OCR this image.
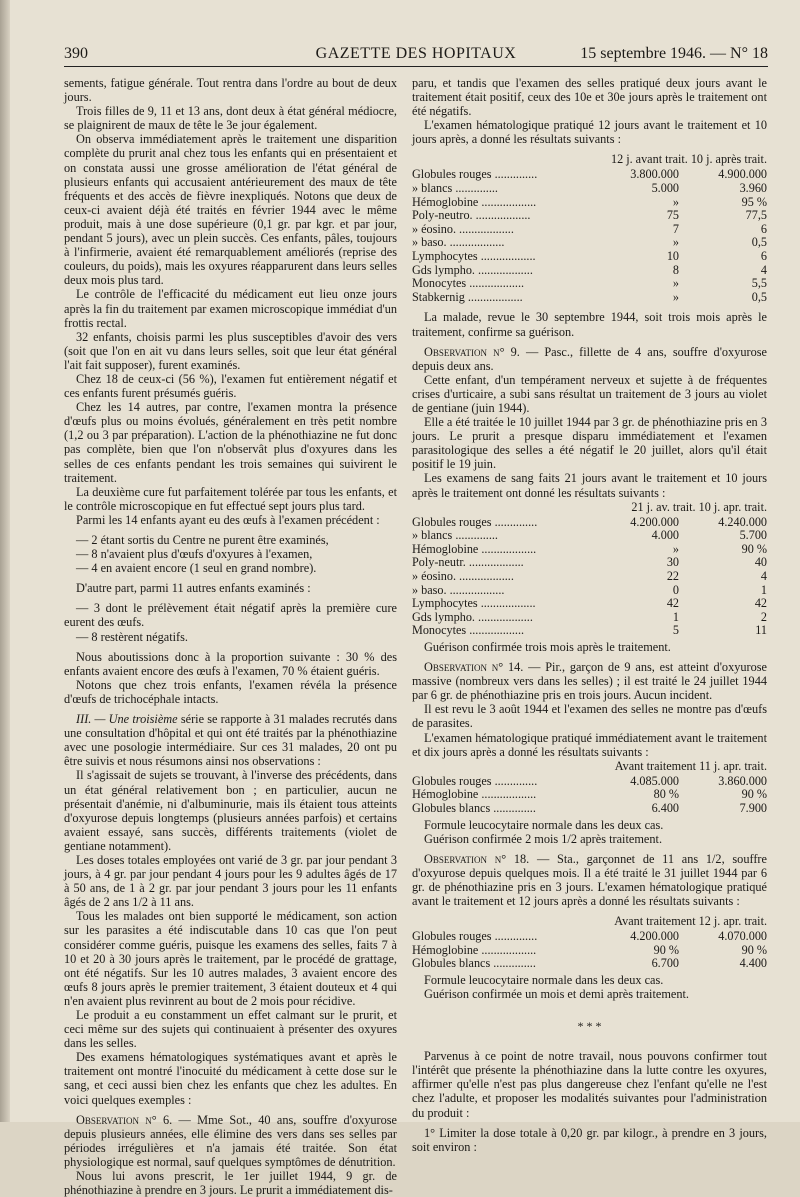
390	GAZETTE DES HOPITAUX	15 septembre 1946. — N° 18

sements, fatigue générale. Tout rentra dans l'ordre au bout de deux jours.

Trois filles de 9, 11 et 13 ans, dont deux à état général médiocre, se plaignirent de maux de tête le 3e jour également.

On observa immédiatement après le traitement une disparition complète du prurit anal chez tous les enfants qui en présentaient et on constata aussi une grosse amélioration de l'état général de plusieurs enfants qui accusaient antérieurement des maux de tête fréquents et des accès de fièvre inexpliqués. Notons que deux de ceux-ci avaient déjà été traités en février 1944 avec le même produit, mais à une dose supérieure (0,1 gr. par kgr. et par jour, pendant 5 jours), avec un plein succès. Ces enfants, pâles, toujours à l'infirmerie, avaient été remarquablement améliorés (reprise des couleurs, du poids), mais les oxyures réapparurent dans leurs selles deux mois plus tard.

Le contrôle de l'efficacité du médicament eut lieu onze jours après la fin du traitement par examen microscopique immédiat d'un frottis rectal.

32 enfants, choisis parmi les plus susceptibles d'avoir des vers (soit que l'on en ait vu dans leurs selles, soit que leur état général l'ait fait supposer), furent examinés.

Chez 18 de ceux-ci (56 %), l'examen fut entièrement négatif et ces enfants furent présumés guéris.

Chez les 14 autres, par contre, l'examen montra la présence d'œufs plus ou moins évolués, généralement en très petit nombre (1,2 ou 3 par préparation). L'action de la phénothiazine ne fut donc pas complète, bien que l'on n'observât plus d'oxyures dans les selles de ces enfants pendant les trois semaines qui suivirent le traitement.

La deuxième cure fut parfaitement tolérée par tous les enfants, et le contrôle microscopique en fut effectué sept jours plus tard.

Parmi les 14 enfants ayant eu des œufs à l'examen précédent :

— 2 étant sortis du Centre ne purent être examinés,

— 8 n'avaient plus d'œufs d'oxyures à l'examen,

— 4 en avaient encore (1 seul en grand nombre).

D'autre part, parmi 11 autres enfants examinés :

— 3 dont le prélèvement était négatif après la première cure eurent des œufs.

— 8 restèrent négatifs.

Nous aboutissions donc à la proportion suivante : 30 % des enfants avaient encore des œufs à l'examen, 70 % étaient guéris.

Notons que chez trois enfants, l'examen révéla la présence d'œufs de trichocéphale intacts.

III. — Une troisième série se rapporte à 31 malades recrutés dans une consultation d'hôpital et qui ont été traités par la phénothiazine avec une posologie intermédiaire. Sur ces 31 malades, 20 ont pu être suivis et nous résumons ainsi nos observations :

Il s'agissait de sujets se trouvant, à l'inverse des précédents, dans un état général relativement bon ; en particulier, aucun ne présentait d'anémie, ni d'albuminurie, mais ils étaient tous atteints d'oxyurose depuis longtemps (plusieurs années parfois) et certains avaient essayé, sans succès, différents traitements (violet de gentiane notamment).

Les doses totales employées ont varié de 3 gr. par jour pendant 3 jours, à 4 gr. par jour pendant 4 jours pour les 9 adultes âgés de 17 à 50 ans, de 1 à 2 gr. par jour pendant 3 jours pour les 11 enfants âgés de 2 ans 1/2 à 11 ans.

Tous les malades ont bien supporté le médicament, son action sur les parasites a été indiscutable dans 10 cas que l'on peut considérer comme guéris, puisque les examens des selles, faits 7 à 10 et 20 à 30 jours après le traitement, par le procédé de grattage, ont été négatifs. Sur les 10 autres malades, 3 avaient encore des œufs 8 jours après le premier traitement, 3 étaient douteux et 4 qui n'en avaient plus revinrent au bout de 2 mois pour récidive.

Le produit a eu constamment un effet calmant sur le prurit, et ceci même sur des sujets qui continuaient à présenter des oxyures dans les selles.

Des examens hématologiques systématiques avant et après le traitement ont montré l'inocuité du médicament à cette dose sur le sang, et ceci aussi bien chez les enfants que chez les adultes. En voici quelques exemples :

Observation n° 6. — Mme Sot., 40 ans, souffre d'oxyurose depuis plusieurs années, elle élimine des vers dans ses selles par périodes irrégulières et n'a jamais été traitée. Son état physiologique est normal, sauf quelques symptômes de dénutrition.

Nous lui avons prescrit, le 1er juillet 1944, 9 gr. de phénothiazine à prendre en 3 jours. Le prurit a immédiatement dis-

paru, et tandis que l'examen des selles pratiqué deux jours avant le traitement était positif, ceux des 10e et 30e jours après le traitement ont été négatifs.

L'examen hématologique pratiqué 12 jours avant le traitement et 10 jours après, a donné les résultats suivants :

12 j. avant trait. 10 j. après trait.
Globules rouges ..............	3.800.000	4.900.000
» blancs ..............	5.000	3.960
Hémoglobine ..................	»	95 %
Poly-neutro. ..................	75	77,5
» éosino. ..................	7	6
» baso. ..................	»	0,5
Lymphocytes ..................	10	6
Gds lympho. ..................	8	4
Monocytes ..................	»	5,5
Stabkernig ..................	»	0,5

La malade, revue le 30 septembre 1944, soit trois mois après le traitement, confirme sa guérison.

Observation n° 9. — Pasc., fillette de 4 ans, souffre d'oxyurose depuis deux ans.

Cette enfant, d'un tempérament nerveux et sujette à de fréquentes crises d'urticaire, a subi sans résultat un traitement de 3 jours au violet de gentiane (juin 1944).

Elle a été traitée le 10 juillet 1944 par 3 gr. de phénothiazine pris en 3 jours. Le prurit a presque disparu immédiatement et l'examen parasitologique des selles a été négatif le 20 juillet, alors qu'il était positif le 19 juin.

Les examens de sang faits 21 jours avant le traitement et 10 jours après le traitement ont donné les résultats suivants :

21 j. av. trait. 10 j. apr. trait.
Globules rouges ..............	4.200.000	4.240.000
» blancs ..............	4.000	5.700
Hémoglobine ..................	»	90 %
Poly-neutr. ..................	30	40
» éosino. ..................	22	4
» baso. ..................	0	1
Lymphocytes ..................	42	42
Gds lympho. ..................	1	2
Monocytes ..................	5	11

Guérison confirmée trois mois après le traitement.

Observation n° 14. — Pir., garçon de 9 ans, est atteint d'oxyurose massive (nombreux vers dans les selles) ; il est traité le 24 juillet 1944 par 6 gr. de phénothiazine pris en trois jours. Aucun incident.

Il est revu le 3 août 1944 et l'examen des selles ne montre pas d'œufs de parasites.

L'examen hématologique pratiqué immédiatement avant le traitement et dix jours après a donné les résultats suivants :

Avant traitement 11 j. apr. trait.
Globules rouges ..............	4.085.000	3.860.000
Hémoglobine ..................	80 %	90 %
Globules blancs ..............	6.400	7.900

Formule leucocytaire normale dans les deux cas.

Guérison confirmée 2 mois 1/2 après traitement.

Observation n° 18. — Sta., garçonnet de 11 ans 1/2, souffre d'oxyurose depuis quelques mois. Il a été traité le 31 juillet 1944 par 6 gr. de phénothiazine pris en 3 jours. L'examen hématologique pratiqué avant le traitement et 12 jours après a donné les résultats suivants :

Avant traitement 12 j. apr. trait.
Globules rouges ..............	4.200.000	4.070.000
Hémoglobine ..................	90 %	90 %
Globules blancs ..............	6.700	4.400

Formule leucocytaire normale dans les deux cas.

Guérison confirmée un mois et demi après traitement.

* * *

Parvenus à ce point de notre travail, nous pouvons confirmer tout l'intérêt que présente la phénothiazine dans la lutte contre les oxyures, affirmer qu'elle n'est pas plus dangereuse chez l'enfant qu'elle ne l'est chez l'adulte, et proposer les modalités suivantes pour l'administration du produit :

1° Limiter la dose totale à 0,20 gr. par kilogr., à prendre en 3 jours, soit environ :
